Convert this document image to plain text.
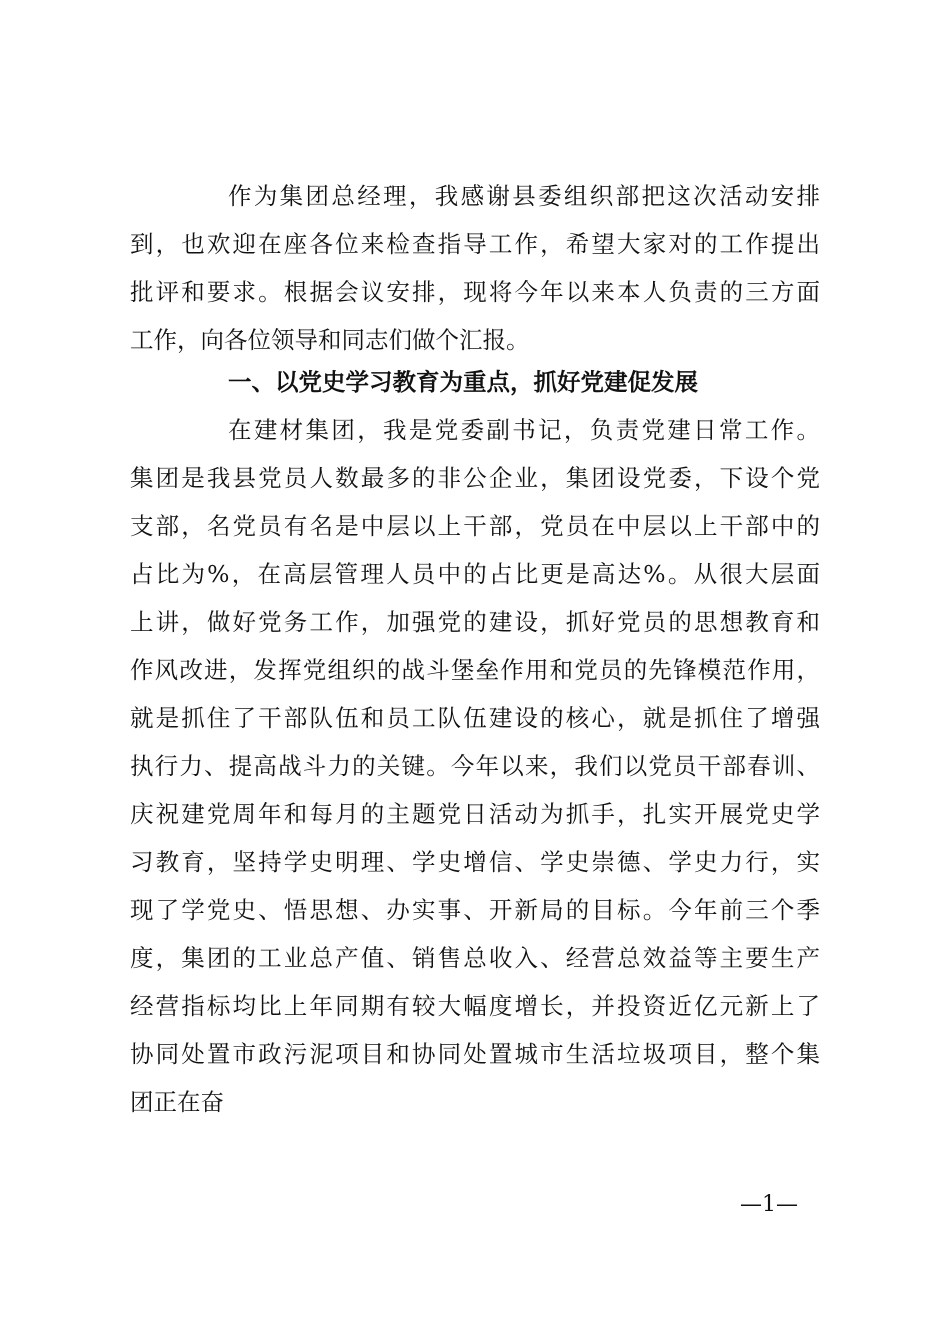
作为集团总经理，我感谢县委组织部把这次活动安排
到，也欢迎在座各位来检查指导工作，希望大家对的工作提出
批评和要求。根据会议安排，现将今年以来本人负责的三方面
工作，向各位领导和同志们做个汇报。
一、以党史学习教育为重点，抓好党建促发展
在建材集团，我是党委副书记，负责党建日常工作。
集团是我县党员人数最多的非公企业，集团设党委，下设个党
支部，名党员有名是中层以上干部，党员在中层以上干部中的
占比为%，在高层管理人员中的占比更是高达%。从很大层面
上讲，做好党务工作，加强党的建设，抓好党员的思想教育和
作风改进，发挥党组织的战斗堡垒作用和党员的先锋模范作用，
就是抓住了干部队伍和员工队伍建设的核心，就是抓住了增强
执行力、提高战斗力的关键。今年以来，我们以党员干部春训、
庆祝建党周年和每月的主题党日活动为抓手，扎实开展党史学
习教育，坚持学史明理、学史增信、学史崇德、学史力行，实
现了学党史、悟思想、办实事、开新局的目标。今年前三个季
度，集团的工业总产值、销售总收入、经营总效益等主要生产
经营指标均比上年同期有较大幅度增长，并投资近亿元新上了
协同处置市政污泥项目和协同处置城市生活垃圾项目，整个集
团正在奋
—1—
